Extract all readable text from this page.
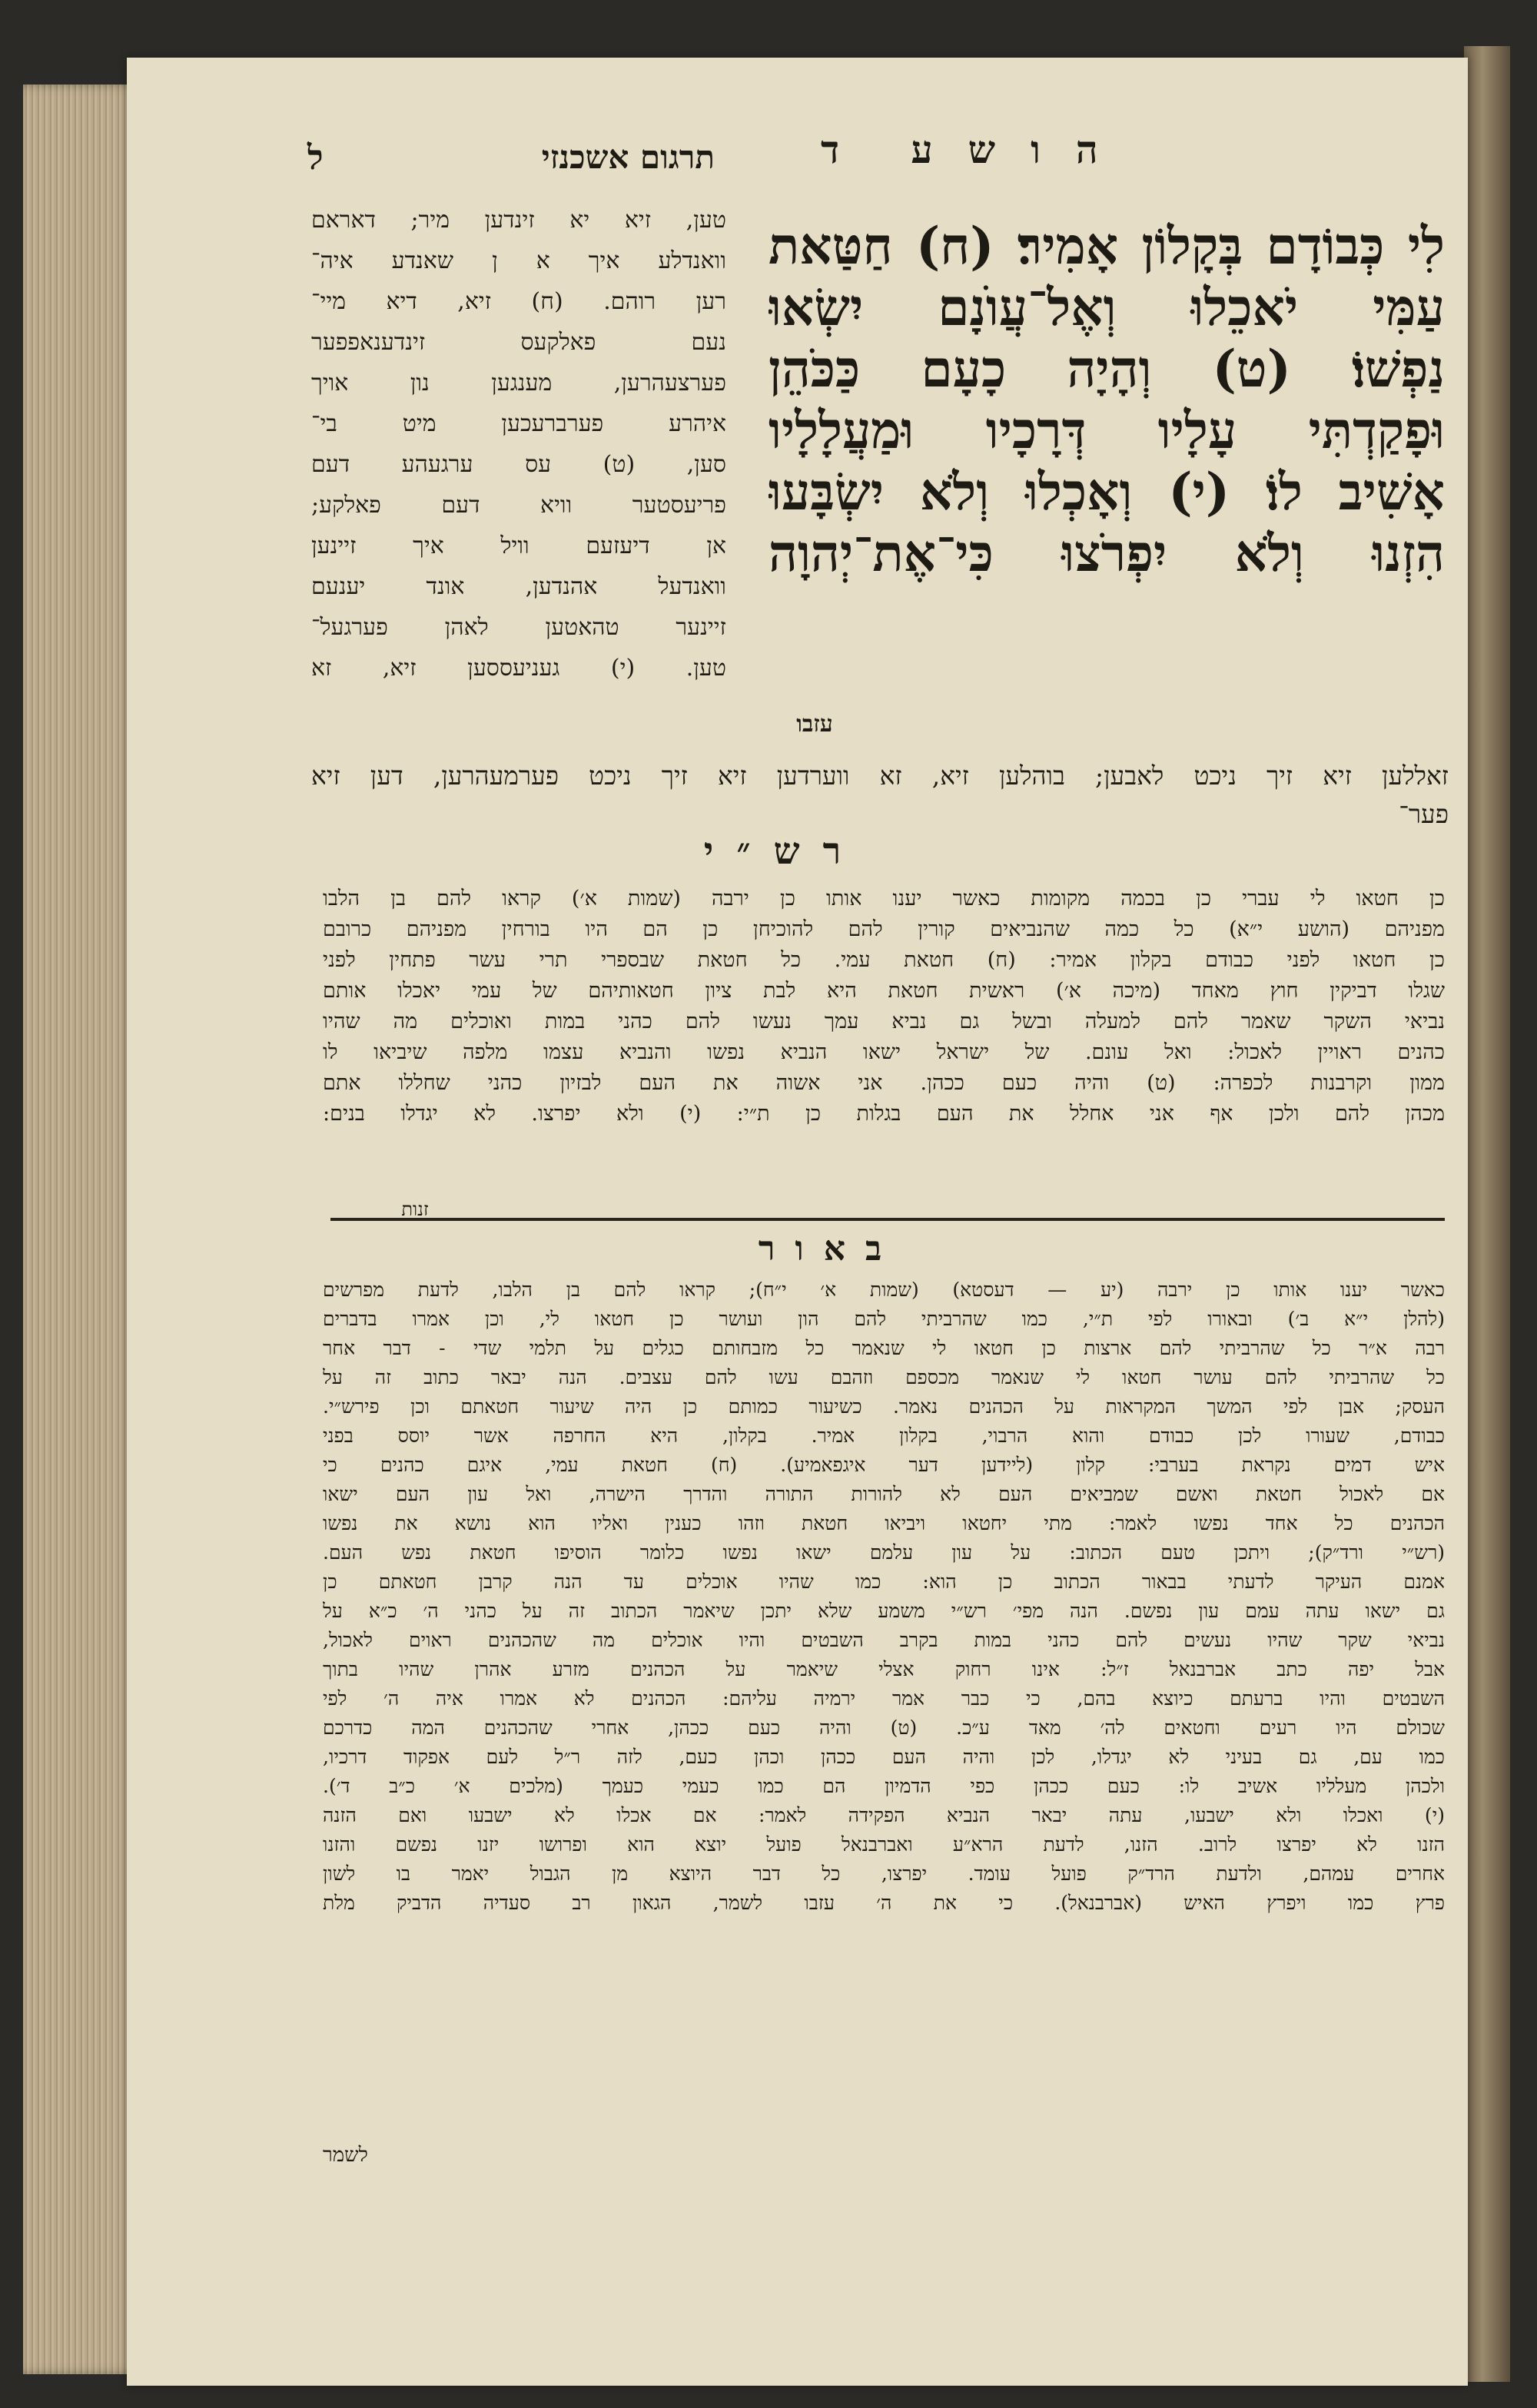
הושע
ד
תרגום אשכנזי
ל
לִי כְּבוֹדָם בְּקָלוֹן אָמִיר׃ (ח) חַטַּאת
עַמִּי יֹאכֵלוּ וְאֶל־עֲוֺנָם יִשְׂאוּ
נַפְשׁוֹ׃ (ט) וְהָיָה כָעָם כַּכֹּהֵן
וּפָקַדְתִּי עָלָיו דְּרָכָיו וּמַעֲלָלָיו
אָשִׁיב לוֹ׃ (י) וְאָכְלוּ וְלֹא יִשְׂבָּעוּ
הִזְנוּ וְלֹא יִפְרֹצוּ כִּי־אֶת־יְהוָה
עזבו
טען, זיא יא זינדען מיר; דאראם
וואנדלע איך א ן שאנדע איה־
רען רוהם. (ח) זיא, דיא מיי־
נעם פאלקעס זינדענאפפער
פערצעהרען, מענגען נון אויך
איהרע פערברעכען מיט בי־
סען, (ט) עס ערגעהע דעם
פריעסטער וויא דעם פאלקע;
אן דיעזעם וויל איך זיינען
וואנדעל אהנדען, אונד יענעם
זיינער טהאטען לאהן פערגעל־
טען. (י) געניעססען זיא, זא
זאללען זיא זיך ניכט לאבען; בוהלען זיא, זא ווערדען זיא זיך ניכט פערמעהרען, דען זיא
פער־
רש״י
כן חטאו לי עברי כן בכמה מקומות כאשר יענו אותו כן ירבה (שמות א׳) קראו להם בן הלבו
מפניהם (הושע י״א) כל כמה שהנביאים קורין להם להוכיחן כן הם היו בורחין מפניהם כרובם
כן חטאו לפני כבודם בקלון אמיר: (ח) חטאת עמי. כל חטאת שבספרי תרי עשר פתחין לפני
שגלו דביקין חוץ מאחד (מיכה א׳) ראשית חטאת היא לבת ציון חטאותיהם של עמי יאכלו אותם
נביאי השקר שאמר להם למעלה ובשל גם נביא עמך נעשו להם כהני במות ואוכלים מה שהיו
כהנים ראויין לאכול: ואל עונם. של ישראל ישאו הנביא נפשו והנביא עצמו מלפה שיביאו לו
ממון וקרבנות לכפרה: (ט) והיה כעם ככהן. אני אשוה את העם לבזיון כהני שחללו אתם
מכהן להם ולכן אף אני אחלל את העם בגלות כן ת״י: (י) ולא יפרצו. לא יגדלו בנים:
זנות
באור
כאשר יענו אותו כן ירבה (יע — דעסטא) (שמות א׳ י״ח); קראו להם בן הלבו, לדעת מפרשים
(להלן י״א ב׳) ובאורו לפי ת״י, כמו שהרביתי להם הון ועושר כן חטאו לי, וכן אמרו בדברים
רבה א״ר כל שהרביתי להם ארצות כן חטאו לי שנאמר כל מזבחותם כגלים על תלמי שדי - דבר אחר
כל שהרביתי להם עושר חטאו לי שנאמר מכספם וזהבם עשו להם עצבים. הנה יבאר כתוב זה על
העסק; אבן לפי המשך המקראות על הכהנים נאמר. כשיעור כמותם כן היה שיעור חטאתם וכן פירש״י.
כבודם, שעורו לכן כבודם והוא הרבוי, בקלון אמיר. בקלון, היא החרפה אשר יוסס בפני
איש דמים נקראת בערבי: קלון (ליידען דער איגפאמיע). (ח) חטאת עמי, איגם כהנים כי
אם לאכול חטאת ואשם שמביאים העם לא להורות התורה והדרך הישרה, ואל עון העם ישאו
הכהנים כל אחד נפשו לאמר: מתי יחטאו ויביאו חטאת וזהו כענין ואליו הוא נושא את נפשו
(רש״י ורד״ק); ויתכן טעם הכתוב: על עון עלמם ישאו נפשו כלומר הוסיפו חטאת נפש העם.
אמנם העיקר לדעתי בבאור הכתוב כן הוא: כמו שהיו אוכלים עד הנה קרבן חטאתם כן
גם ישאו עתה עמם עון נפשם. הנה מפי׳ רש״י משמע שלא יתכן שיאמר הכתוב זה על כהני ה׳ כ״א על
נביאי שקר שהיו נעשים להם כהני במות בקרב השבטים והיו אוכלים מה שהכהנים ראוים לאכול,
אבל יפה כתב אברבנאל ז״ל: אינו רחוק אצלי שיאמר על הכהנים מזרע אהרן שהיו בתוך
השבטים והיו ברעתם כיוצא בהם, כי כבר אמר ירמיה עליהם: הכהנים לא אמרו איה ה׳ לפי
שכולם היו רעים וחטאים לה׳ מאד ע״כ. (ט) והיה כעם ככהן, אחרי שהכהנים המה כדרכם
כמו עם, גם בעיני לא יגדלו, לכן והיה העם ככהן וכהן כעם, לזה ר״ל לעם אפקוד דרכיו,
ולכהן מעלליו אשיב לו: כעם ככהן כפי הדמיון הם כמו כעמי כעמך (מלכים א׳ כ״ב ד׳).
(י) ואכלו ולא ישבעו, עתה יבאר הנביא הפקידה לאמר: אם אכלו לא ישבעו ואם הזנה
הזנו לא יפרצו לרוב. הזנו, לדעת הרא״ע ואברבנאל פועל יוצא הוא ופרושו יזנו נפשם והזנו
אחרים עמהם, ולדעת הרד״ק פועל עומד. יפרצו, כל דבר היוצא מן הגבול יאמר בו לשון
פרץ כמו ויפרץ האיש (אברבנאל). כי את ה׳ עזבו לשמר, הגאון רב סעדיה הדביק מלת
לשמר
